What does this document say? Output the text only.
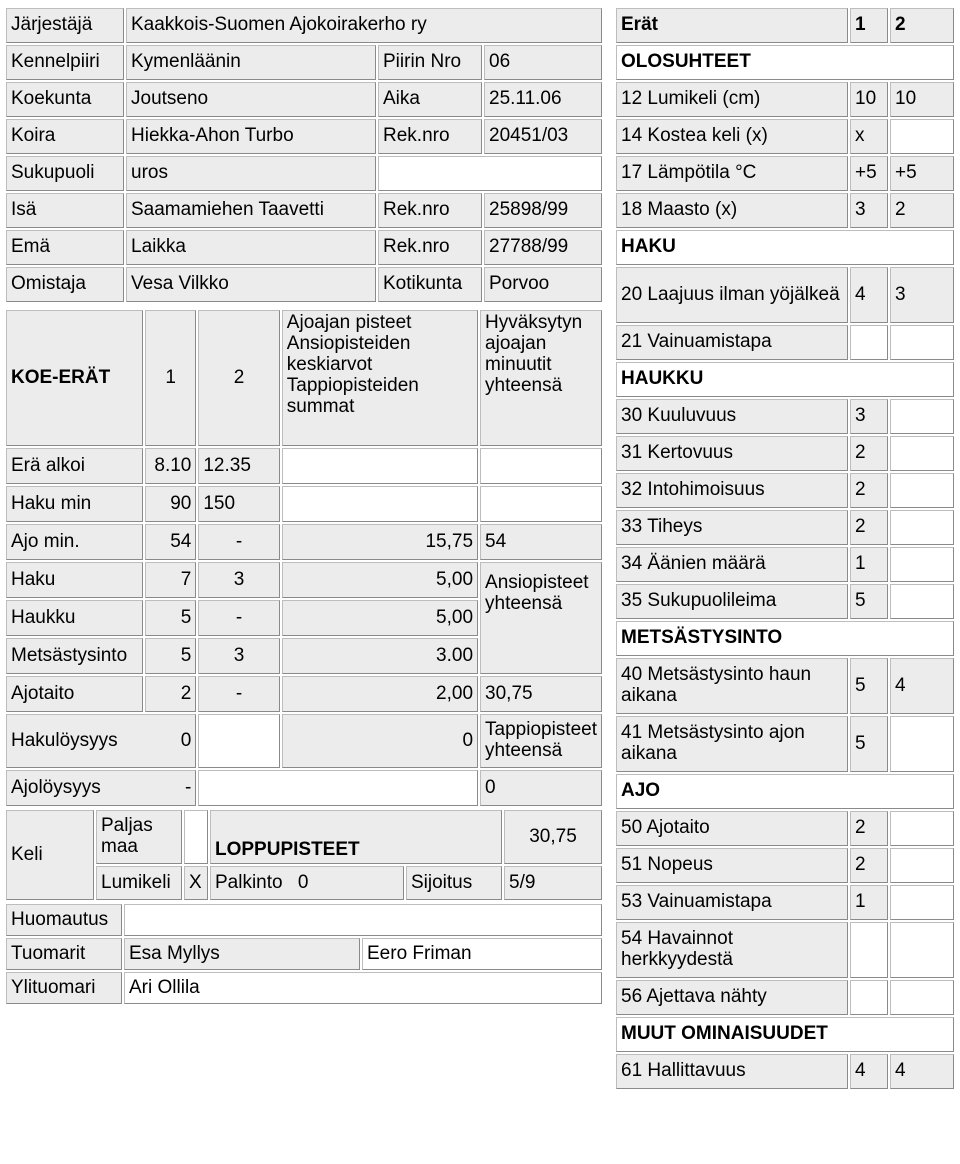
Järjestäjä	Kaakkois-Suomen Ajokoirakerho ry		
Kennelpiiri	Kymenläänin	Piirin Nro	06
Koekunta	Joutseno	Aika	25.11.06
Koira	Hiekka-Ahon Turbo	Rek.nro	20451/03
Sukupuoli	uros		
Isä	Saamamiehen Taavetti	Rek.nro	25898/99
Emä	Laikka	Rek.nro	27788/99
Omistaja	Vesa Vilkko	Kotikunta	Porvoo
KOE-ERÄT	1	2	Ajoajan pisteet Ansiopisteiden keskiarvot Tappiopisteiden summat	Hyväksytyn ajoajan minuutit yhteensä
Erä alkoi	8.10	12.35		
Haku min	90	150		
Ajo min.	54	-	15,75	54
Haku	7	3	5,00	Ansiopisteet yhteensä
Haukku	5	-	5,00	
Metsästysinto	5	3	3.00	
Ajotaito	2	-	2,00	30,75
Hakulöysyys 0			0	Tappiopisteet yhteensä
Ajolöysyys -				0
Keli	Paljas maa		LOPPUPISTEET		30,75
	Lumikeli	X	Palkinto 0	Sijoitus	5/9
Huomautus		
Tuomarit	Esa Myllys	Eero Friman
Ylituomari	Ari Ollila	
Erät	1	2
OLOSUHTEET		
12 Lumikeli (cm)	10	10
14 Kostea keli (x)	x	
17 Lämpötila °C	+5	+5
18 Maasto (x)	3	2
HAKU		
20 Laajuus ilman yöjälkeä	4	3
21 Vainuamistapa		
HAUKKU		
30 Kuuluvuus	3	
31 Kertovuus	2	
32 Intohimoisuus	2	
33 Tiheys	2	
34 Äänien määrä	1	
35 Sukupuolileima	5	
METSÄSTYSINTO		
40 Metsästysinto haun aikana	5	4
41 Metsästysinto ajon aikana	5	
AJO		
50 Ajotaito	2	
51 Nopeus	2	
53 Vainuamistapa	1	
54 Havainnot herkkyydestä		
56 Ajettava nähty		
MUUT OMINAISUUDET		
61 Hallittavuus	4	4
